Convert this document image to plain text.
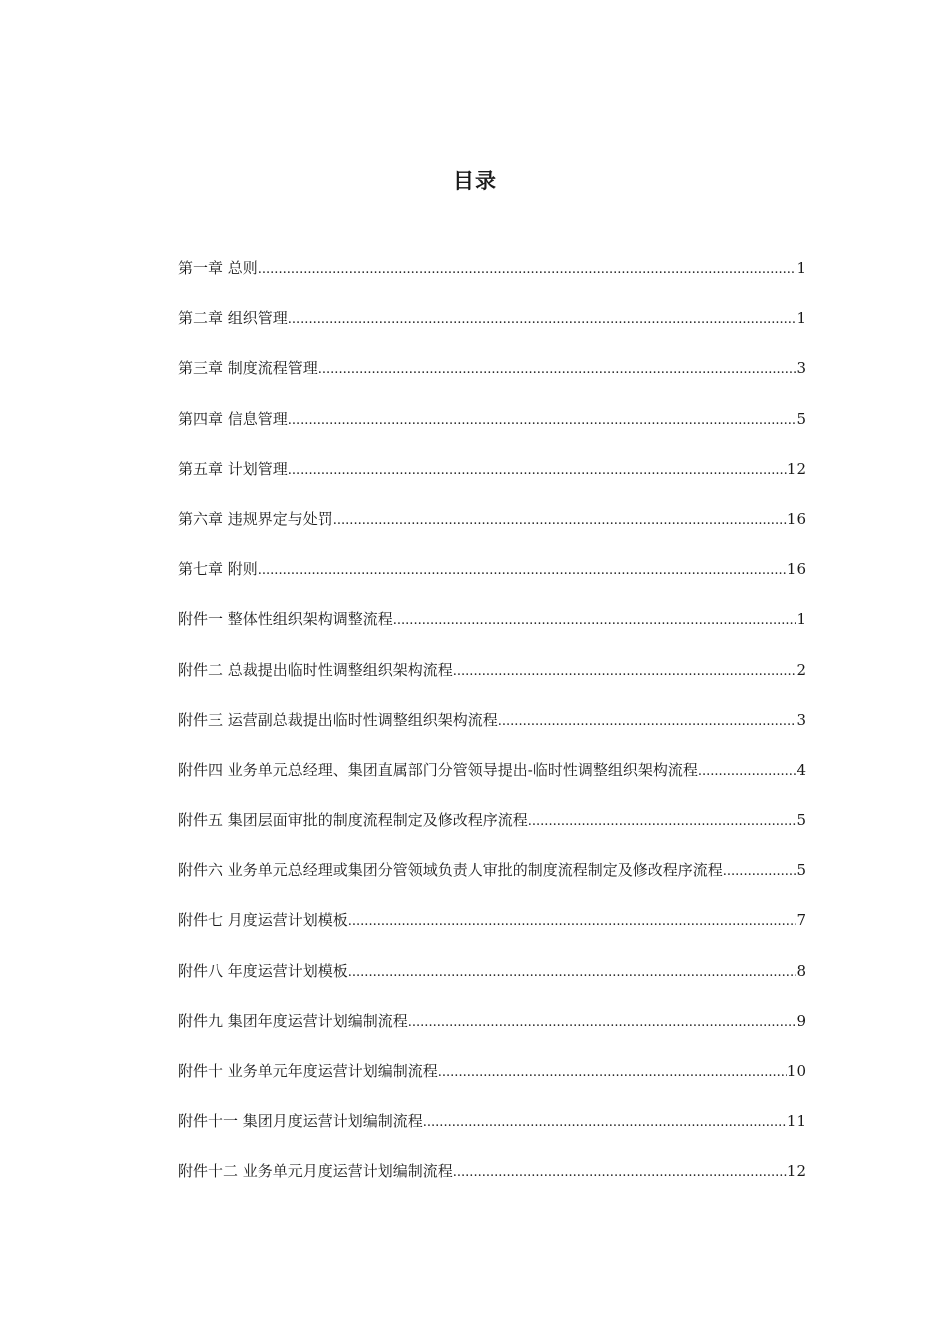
目录
第一章 总则 .....	1
第二章 组织管理 .....	1
第三章 制度流程管理 .....	3
第四章 信息管理 .....	5
第五章 计划管理 .....	12
第六章 违规界定与处罚 .....	16
第七章 附则 .....	16
附件一 整体性组织架构调整流程 .....	1
附件二 总裁提出临时性调整组织架构流程 .....	2
附件三 运营副总裁提出临时性调整组织架构流程 .....	3
附件四 业务单元总经理、集团直属部门分管领导提出-临时性调整组织架构流程 .....	4
附件五 集团层面审批的制度流程制定及修改程序流程 .....	5
附件六 业务单元总经理或集团分管领域负责人审批的制度流程制定及修改程序流程 .....	5
附件七 月度运营计划模板 .....	7
附件八 年度运营计划模板 .....	8
附件九 集团年度运营计划编制流程 .....	9
附件十 业务单元年度运营计划编制流程 .....	10
附件十一 集团月度运营计划编制流程 .....	11
附件十二 业务单元月度运营计划编制流程 .....	12
